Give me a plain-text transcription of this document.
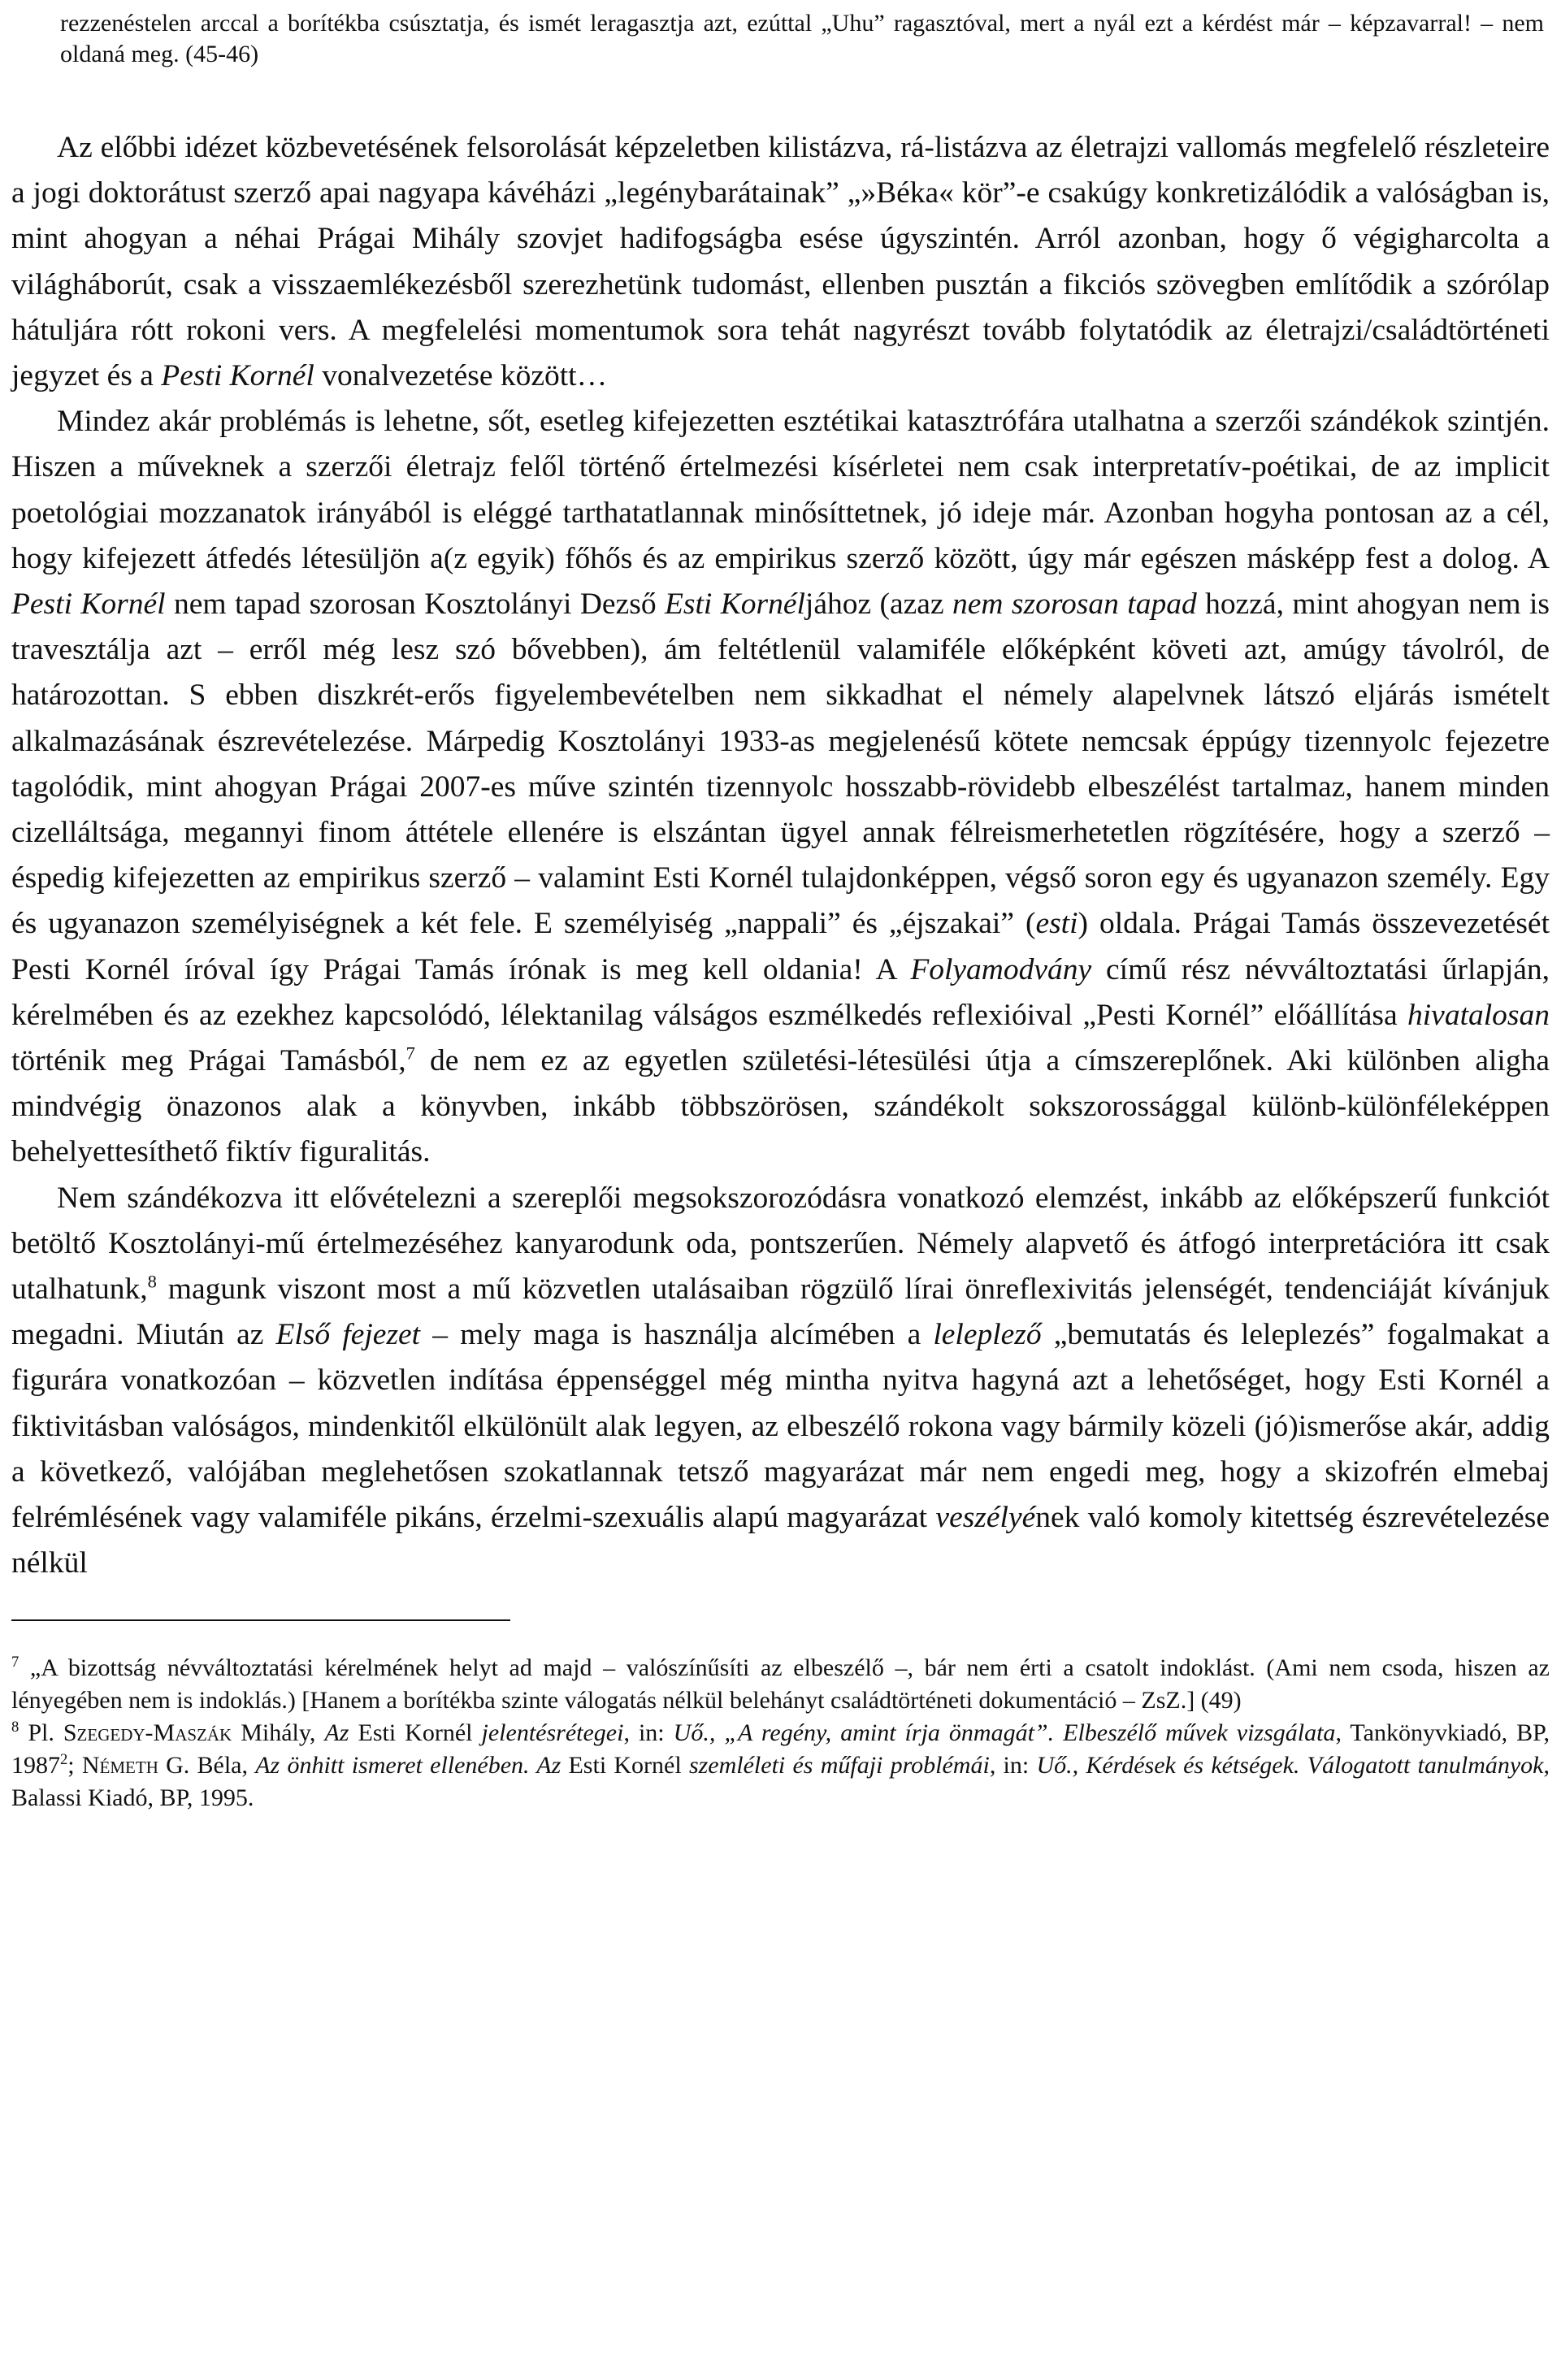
rezzenéstelen arccal a borítékba csúsztatja, és ismét leragasztja azt, ezúttal „Uhu” ragasztóval, mert a nyál ezt a kérdést már – képzavarral! – nem oldaná meg. (45-46)

Az előbbi idézet közbevetésének felsorolását képzeletben kilistázva, rá-listázva az életrajzi vallomás megfelelő részleteire a jogi doktorátust szerző apai nagyapa kávéházi „legénybarátainak” „»Béka« kör”-e csakúgy konkretizálódik a valóságban is, mint ahogyan a néhai Prágai Mihály szovjet hadifogságba esése úgyszintén. Arról azonban, hogy ő végigharcolta a világháborút, csak a visszaemlékezésből szerezhetünk tudomást, ellenben pusztán a fikciós szövegben említődik a szórólap hátuljára rótt rokoni vers. A megfelelési momentumok sora tehát nagyrészt tovább folytatódik az életrajzi/családtörténeti jegyzet és a Pesti Kornél vonalvezetése között…

Mindez akár problémás is lehetne, sőt, esetleg kifejezetten esztétikai katasztrófára utalhatna a szerzői szándékok szintjén. Hiszen a műveknek a szerzői életrajz felől történő értelmezési kísérletei nem csak interpretatív-poétikai, de az implicit poetológiai mozzanatok irányából is eléggé tarthatatlannak minősíttetnek, jó ideje már. Azonban hogyha pontosan az a cél, hogy kifejezett átfedés létesüljön a(z egyik) főhős és az empirikus szerző között, úgy már egészen másképp fest a dolog. A Pesti Kornél nem tapad szorosan Kosztolányi Dezső Esti Kornéljához (azaz nem szorosan tapad hozzá, mint ahogyan nem is travesztálja azt – erről még lesz szó bővebben), ám feltétlenül valamiféle előképként követi azt, amúgy távolról, de határozottan. S ebben diszkrét-erős figyelembevételben nem sikkadhat el némely alapelvnek látszó eljárás ismételt alkalmazásának észrevételezése. Márpedig Kosztolányi 1933-as megjelenésű kötete nemcsak éppúgy tizennyolc fejezetre tagolódik, mint ahogyan Prágai 2007-es műve szintén tizennyolc hosszabb-rövidebb elbeszélést tartalmaz, hanem minden cizelláltsága, megannyi finom áttétele ellenére is elszántan ügyel annak félreismerhetetlen rögzítésére, hogy a szerző – éspedig kifejezetten az empirikus szerző – valamint Esti Kornél tulajdonképpen, végső soron egy és ugyanazon személy. Egy és ugyanazon személyiségnek a két fele. E személyiség „nappali” és „éjszakai” (esti) oldala. Prágai Tamás összevezetését Pesti Kornél íróval így Prágai Tamás írónak is meg kell oldania! A Folyamodvány című rész névváltoztatási űrlapján, kérelmében és az ezekhez kapcsolódó, lélektanilag válságos eszmélkedés reflexióival „Pesti Kornél” előállítása hivatalosan történik meg Prágai Tamásból,$^7$ de nem ez az egyetlen születési-létesülési útja a címszereplőnek. Aki különben aligha mindvégig önazonos alak a könyvben, inkább többszörösen, szándékolt sokszorossággal különb-különféleképpen behelyettesíthető fiktív figuralitás.

Nem szándékozva itt elővételezni a szereplői megsokszorozódásra vonatkozó elemzést, inkább az előképszerű funkciót betöltő Kosztolányi-mű értelmezéséhez kanyarodunk oda, pontszerűen. Némely alapvető és átfogó interpretációra itt csak utalhatunk,$^8$ magunk viszont most a mű közvetlen utalásaiban rögzülő lírai önreflexivitás jelenségét, tendenciáját kívánjuk megadni. Miután az Első fejezet – mely maga is használja alcímében a leleplező „bemutatás és leleplezés” fogalmakat a figurára vonatkozóan – közvetlen indítása éppenséggel még mintha nyitva hagyná azt a lehetőséget, hogy Esti Kornél a fiktivitásban valóságos, mindenkitől elkülönült alak legyen, az elbeszélő rokona vagy bármily közeli (jó)ismerőse akár, addig a következő, valójában meglehetősen szokatlannak tetsző magyarázat már nem engedi meg, hogy a skizofrén elmebaj felrémlésének vagy valamiféle pikáns, érzelmi-szexuális alapú magyarázat veszélyének való komoly kitettség észrevételezése nélkül

$^7$ „A bizottság névváltoztatási kérelmének helyt ad majd – valószínűsíti az elbeszélő –, bár nem érti a csatolt indoklást. (Ami nem csoda, hiszen az lényegében nem is indoklás.) [Hanem a borítékba szinte válogatás nélkül belehányt családtörténeti dokumentáció – ZsZ.] (49)

$^8$ Pl. Szegedy-Maszák Mihály, Az Esti Kornél jelentésrétegei, in: Uő., „A regény, amint írja önmagát”. Elbeszélő művek vizsgálata, Tankönyvkiadó, BP, 1987$^2$; Németh G. Béla, Az önhitt ismeret ellenében. Az Esti Kornél szemléleti és műfaji problémái, in: Uő., Kérdések és kétségek. Válogatott tanulmányok, Balassi Kiadó, BP, 1995.
